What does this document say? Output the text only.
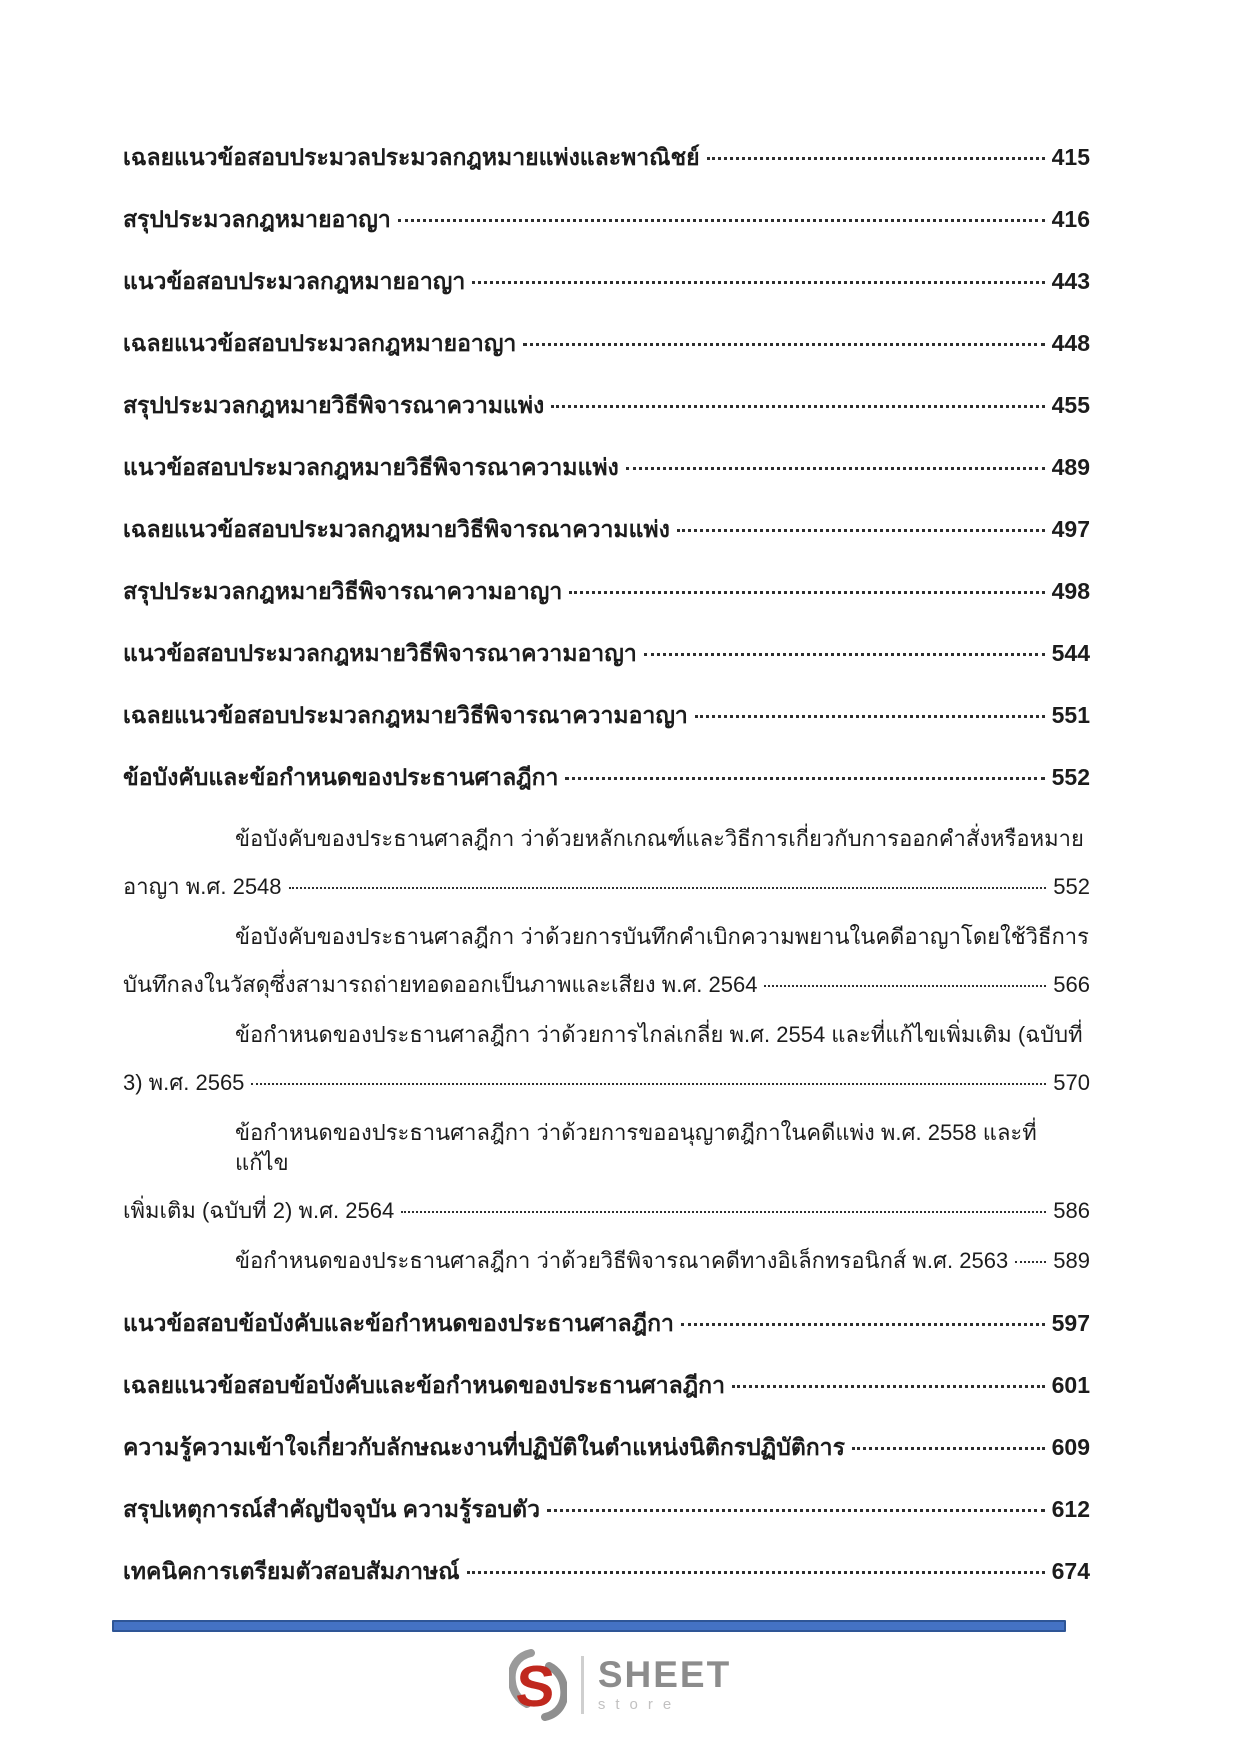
เฉลยแนวข้อสอบประมวลประมวลกฎหมายแพ่งและพาณิชย์	415
สรุปประมวลกฎหมายอาญา	416
แนวข้อสอบประมวลกฎหมายอาญา	443
เฉลยแนวข้อสอบประมวลกฎหมายอาญา	448
สรุปประมวลกฎหมายวิธีพิจารณาความแพ่ง	455
แนวข้อสอบประมวลกฎหมายวิธีพิจารณาความแพ่ง	489
เฉลยแนวข้อสอบประมวลกฎหมายวิธีพิจารณาความแพ่ง	497
สรุปประมวลกฎหมายวิธีพิจารณาความอาญา	498
แนวข้อสอบประมวลกฎหมายวิธีพิจารณาความอาญา	544
เฉลยแนวข้อสอบประมวลกฎหมายวิธีพิจารณาความอาญา	551
ข้อบังคับและข้อกำหนดของประธานศาลฎีกา	552
ข้อบังคับของประธานศาลฎีกา ว่าด้วยหลักเกณฑ์และวิธีการเกี่ยวกับการออกคำสั่งหรือหมาย
อาญา พ.ศ. 2548	552
ข้อบังคับของประธานศาลฎีกา ว่าด้วยการบันทึกคำเบิกความพยานในคดีอาญาโดยใช้วิธีการ
บันทึกลงในวัสดุซึ่งสามารถถ่ายทอดออกเป็นภาพและเสียง พ.ศ. 2564	566
ข้อกำหนดของประธานศาลฎีกา ว่าด้วยการไกล่เกลี่ย พ.ศ. 2554 และที่แก้ไขเพิ่มเติม (ฉบับที่
3) พ.ศ. 2565	570
ข้อกำหนดของประธานศาลฎีกา ว่าด้วยการขออนุญาตฎีกาในคดีแพ่ง พ.ศ. 2558 และที่แก้ไข
เพิ่มเติม (ฉบับที่ 2) พ.ศ. 2564	586
ข้อกำหนดของประธานศาลฎีกา ว่าด้วยวิธีพิจารณาคดีทางอิเล็กทรอนิกส์ พ.ศ. 2563 589
แนวข้อสอบข้อบังคับและข้อกำหนดของประธานศาลฎีกา	597
เฉลยแนวข้อสอบข้อบังคับและข้อกำหนดของประธานศาลฎีกา	601
ความรู้ความเข้าใจเกี่ยวกับลักษณะงานที่ปฏิบัติในตำแหน่งนิติกรปฏิบัติการ	609
สรุปเหตุการณ์สำคัญปัจจุบัน ความรู้รอบตัว	612
เทคนิคการเตรียมตัวสอบสัมภาษณ์	674
S SHEET
store
